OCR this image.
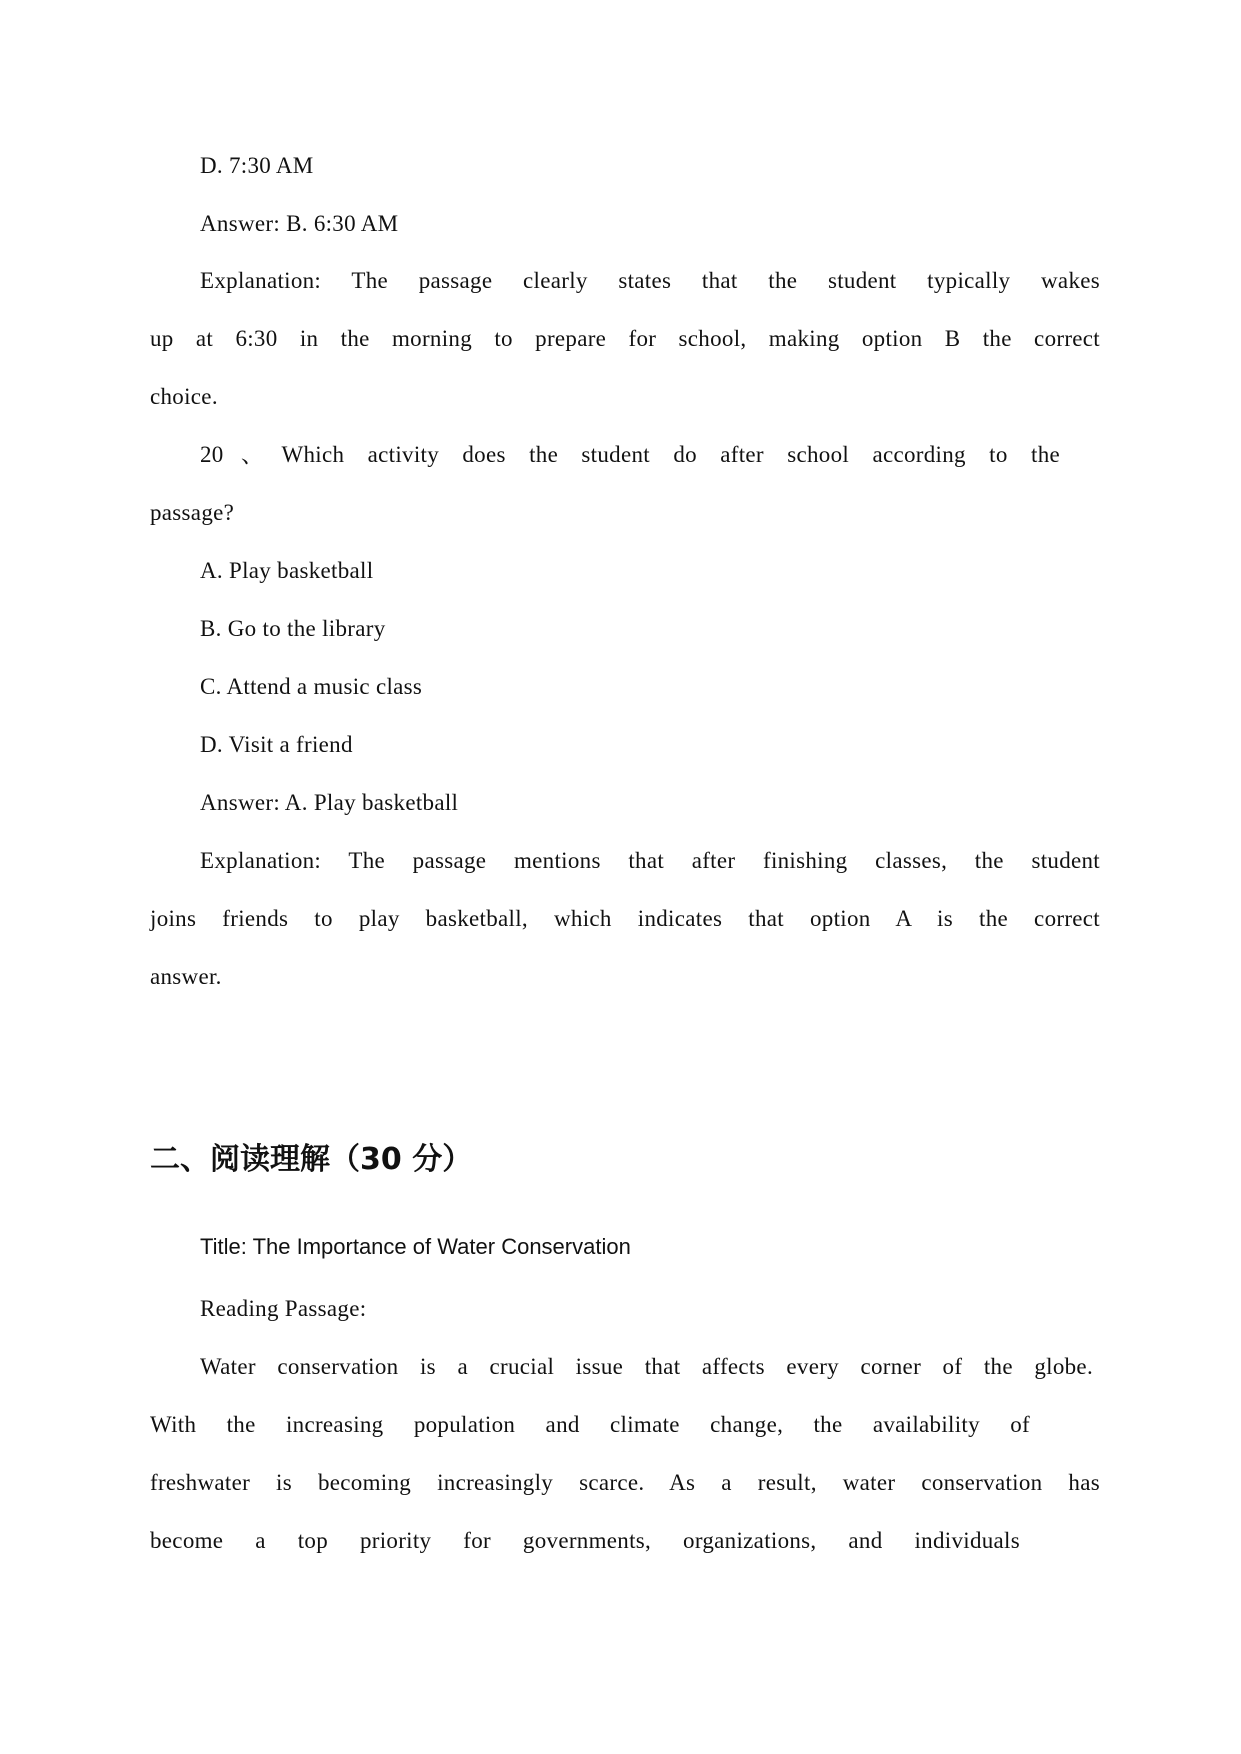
D. 7:30 AM
Answer: B. 6:30 AM
Explanation: The passage clearly states that the student typically wakes
up at 6:30 in the morning to prepare for school, making option B the correct
choice.
20、Which activity does the student do after school according to the
passage?
A. Play basketball
B. Go to the library
C. Attend a music class
D. Visit a friend
Answer: A. Play basketball
Explanation: The passage mentions that after finishing classes, the student
joins friends to play basketball, which indicates that option A is the correct
answer.
二、阅读理解（30 分）
Title: The Importance of Water Conservation
Reading Passage:
Water conservation is a crucial issue that affects every corner of the globe.
With the increasing population and climate change, the availability of
freshwater is becoming increasingly scarce. As a result, water conservation has
become a top priority for governments, organizations, and individuals
